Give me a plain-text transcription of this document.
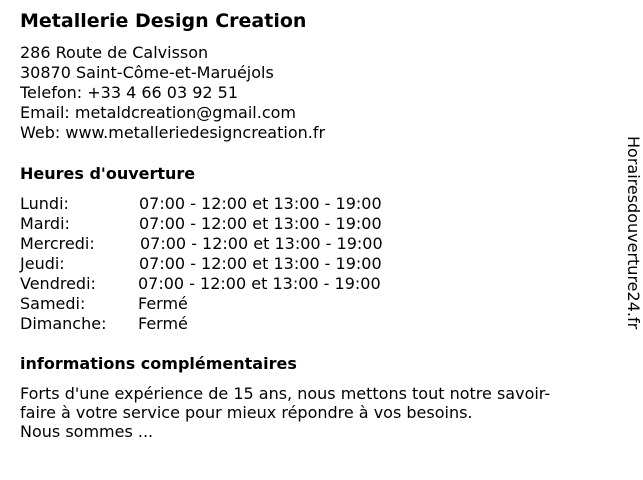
Metallerie Design Creation
286 Route de Calvisson
30870 Saint-Côme-et-Maruéjols
Telefon: +33 4 66 03 92 51
Email: metaldcreation@gmail.com
Web: www.metalleriedesigncreation.fr
Heures d'ouverture
Lundi:	07:00 - 12:00 et 13:00 - 19:00
Mardi:	07:00 - 12:00 et 13:00 - 19:00
Mercredi:	07:00 - 12:00 et 13:00 - 19:00
Jeudi:	07:00 - 12:00 et 13:00 - 19:00
Vendredi:	07:00 - 12:00 et 13:00 - 19:00
Samedi:	Fermé
Dimanche: Fermé
informations complémentaires
Forts d'une expérience de 15 ans, nous mettons tout notre savoir-
faire à votre service pour mieux répondre à vos besoins.
Nous sommes ...
Horairesdouverture24.fr
